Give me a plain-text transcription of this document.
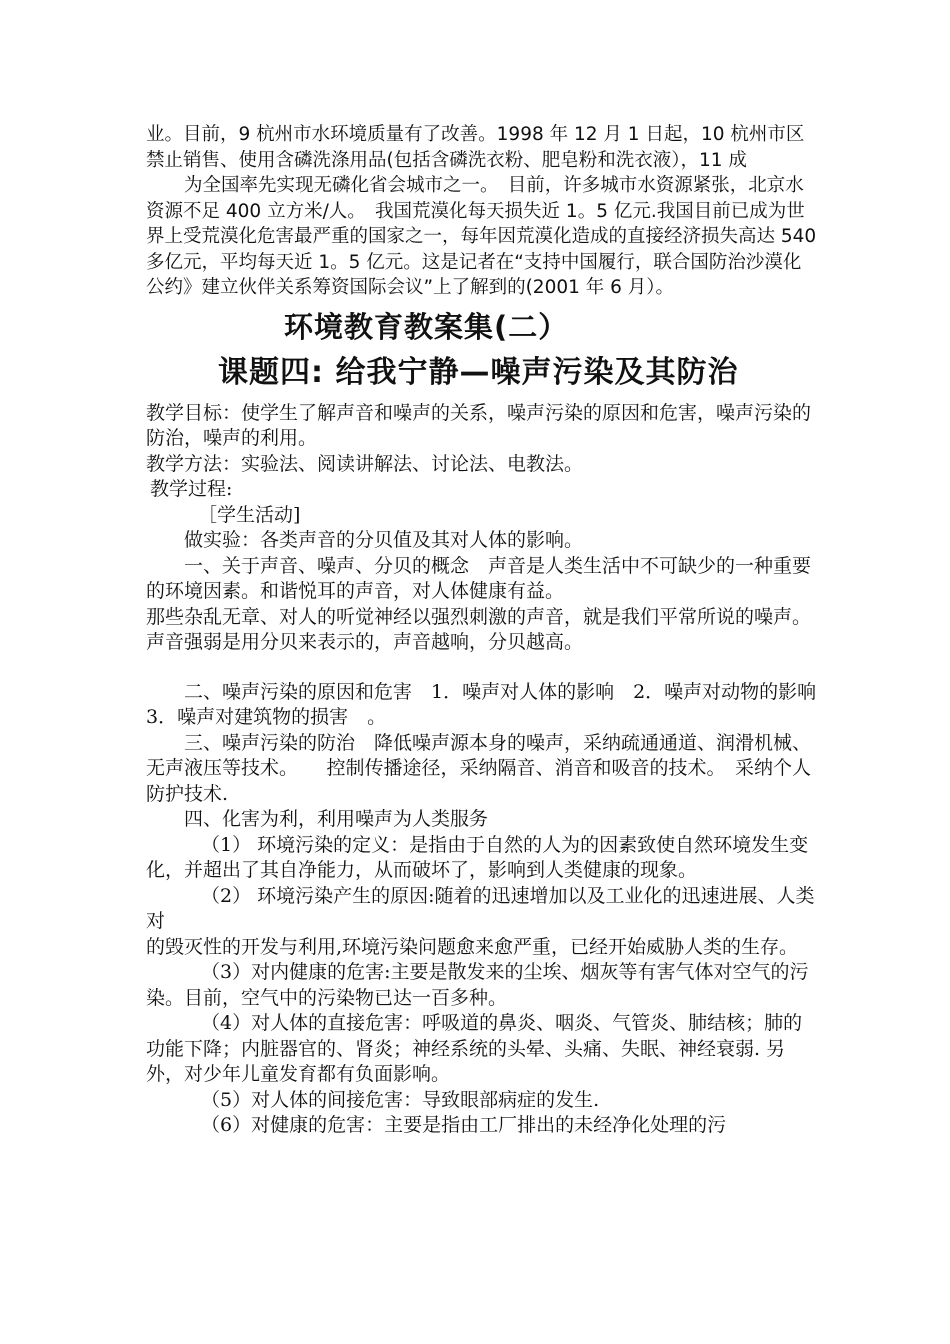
业。目前，9 杭州市水环境质量有了改善。1998 年 12 月 1 日起，10 杭州市区禁止销售、使用含磷洗涤用品(包括含磷洗衣粉、肥皂粉和洗衣液），11 成

为全国率先实现无磷化省会城市之一。　目前，许多城市水资源紧张，北京水资源不足 400 立方米/人。　我国荒漠化每天损失近 1。5 亿元.我国目前已成为世界上受荒漠化危害最严重的国家之一，每年因荒漠化造成的直接经济损失高达 540 多亿元，平均每天近 1。5 亿元。这是记者在“支持中国履行，联合国防治沙漠化公约》建立伙伴关系筹资国际会议”上了解到的(2001 年 6 月）。

环境教育教案集(二）
课题四: 给我宁静—噪声污染及其防治

教学目标：使学生了解声音和噪声的关系，噪声污染的原因和危害，噪声污染的防治，噪声的利用。

教学方法：实验法、阅读讲解法、讨论法、电教法。

教学过程:

［学生活动]

做实验：各类声音的分贝值及其对人体的影响。

一、关于声音、噪声、分贝的概念　声音是人类生活中不可缺少的一种重要的环境因素。和谐悦耳的声音，对人体健康有益。

那些杂乱无章、对人的听觉神经以强烈刺激的声音，就是我们平常所说的噪声。　声音强弱是用分贝来表示的，声音越响，分贝越高。

二、噪声污染的原因和危害　1．噪声对人体的影响　2．噪声对动物的影响　3．噪声对建筑物的损害　。

三、噪声污染的防治　降低噪声源本身的噪声，采纳疏通通道、润滑机械、无声液压等技术。　　控制传播途径，采纳隔音、消音和吸音的技术。　采纳个人防护技术.

四、化害为利，利用噪声为人类服务

（1） 环境污染的定义：是指由于自然的人为的因素致使自然环境发生变化，并超出了其自净能力，从而破坏了，影响到人类健康的现象。

（2） 环境污染产生的原因:随着的迅速增加以及工业化的迅速进展、人类对

的毁灭性的开发与利用,环境污染问题愈来愈严重，已经开始威胁人类的生存。

（3）对内健康的危害:主要是散发来的尘埃、烟灰等有害气体对空气的污染。目前，空气中的污染物已达一百多种。

（4）对人体的直接危害：呼吸道的鼻炎、咽炎、气管炎、肺结核；肺的功能下降；内脏器官的、肾炎；神经系统的头晕、头痛、失眠、神经衰弱. 另外，对少年儿童发育都有负面影响。

（5）对人体的间接危害：导致眼部病症的发生.

（6）对健康的危害：主要是指由工厂排出的未经净化处理的污
